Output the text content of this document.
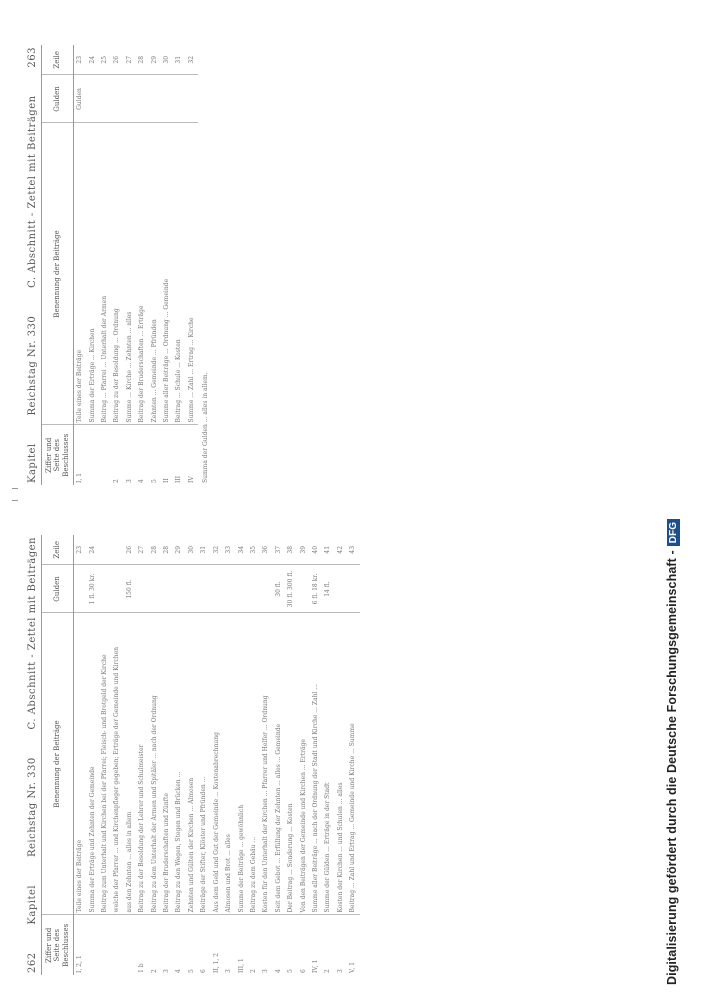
262
Kapitel
Reichstag Nr. 330
C. Abschnitt - Zettel mit Beiträgen
Ziffer und Seite des Beschlusses	Benennung der Beiträge	Gulden	Zeile
I, 2, 1	Teile eines der Beiträge		23
	Summa der Erträge und Zehnten der Gemeinde	1 fl. 30 kr.	24
	Beitrag zum Unterhalt und Kirchen bei der Pfarrei; Fleisch- und Brotgeld der Kirche		
	welche der Pfarrer ... und Kirchenpfleger gegeben; Erträge der Gemeinde und Kirchen		
	aus den Zehnten ... alles in allem	150 fl.	26
1 b	Beitrag zu der Besoldung der Lehrer und Schulmeister		27
2	Beitrag zu dem Unterhalt der Armen und Spitäler ... nach der Ordnung		28
3	Beitrag der Bruderschaften und Zünfte		28
4	Beitrag zu den Wegen, Stegen und Brücken ...		29
5	Zehnten und Gülten der Kirchen ... Almosen		30
6	Beiträge der Stifter, Klöster und Pfründen ...		31
II, 1, 2	Aus dem Geld und Gut der Gemeinde ... Kostenabrechnung		32
3	Almosen und Brot ... alles		33
III, 1	Summe der Beiträge ... gewöhnlich		34
2	Beitrag zu dem Gebäu ...		35
3	Kosten für den Unterhalt der Kirchen ... Pfarrer und Helfer ... Ordnung		36
4	Seit dem Gebot ... Erfüllung der Zehnten ... alles ... Gemeinde	30 fl.	37
5	Der Beitrag ... Sonderung ... Kosten	30 fl. 300 fl.	38
6	Von den Beiträgen der Gemeinde und Kirchen ... Erträge		39
IV, 1	Summe aller Beiträge ... nach der Ordnung der Stadt und Kirche ... Zahl ...	6 fl. 18 kr.	40
2	Summe der Gülden ... Erträge in der Stadt	14 fl.	41
3	Kosten der Kirchen ... und Schulen ... alles		42
V, 1	Beitrag ... Zahl und Ertrag ... Gemeinde und Kirche ... Summe		43
Kapitel
Reichstag Nr. 330
C. Abschnitt - Zettel mit Beiträgen
263
Ziffer und Seite des Beschlusses	Benennung der Beiträge	Gulden	Zeile
I, 1	Teile eines der Beiträge	Gulden	23
	Summa der Erträge ... Kirchen		24
	Beitrag ... Pfarrei ... Unterhalt der Armen		25
2	Beitrag zu der Besoldung ... Ordnung		26
3	Summe ... Kirche ... Zehnten ... alles		27
4	Beitrag der Bruderschaften ... Erträge		28
5	Zehnten ... Gemeinde ... Pfründen		29
II	Summe aller Beiträge ... Ordnung ... Gemeinde		30
III	Beitrag ... Schule ... Kosten		31
IV	Summe ... Zahl ... Ertrag ... Kirche		32
Summa der Gulden ... alles in allem.
Digitalisierung gefördert durch die Deutsche Forschungsgemeinschaft -DFG
